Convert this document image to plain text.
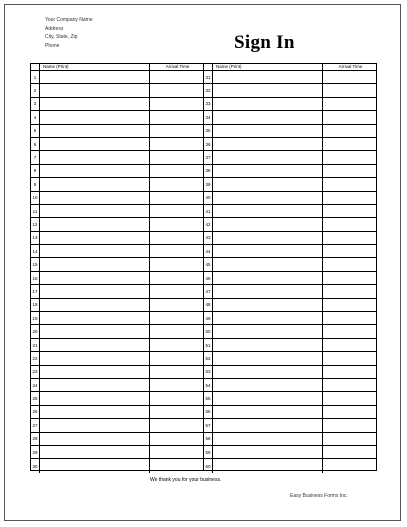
Your Company Name
Address
City, State, Zip
Phone	Sign In
Name (Print)	Arrival Time
1
2
3
4
5
6
7
8
9
10
11
12
13
14
15
16
17
18
19
20
21
22
23
24
25
26
27
28
29
30
Name (Print)	Arrival Time
31
32
33
34
35
36
37
38
39
40
41
42
43
44
45
46
47
48
49
50
51
52
53
54
55
56
57
58
59
60
We thank you for your business.
Easy Business Forms Inc.
